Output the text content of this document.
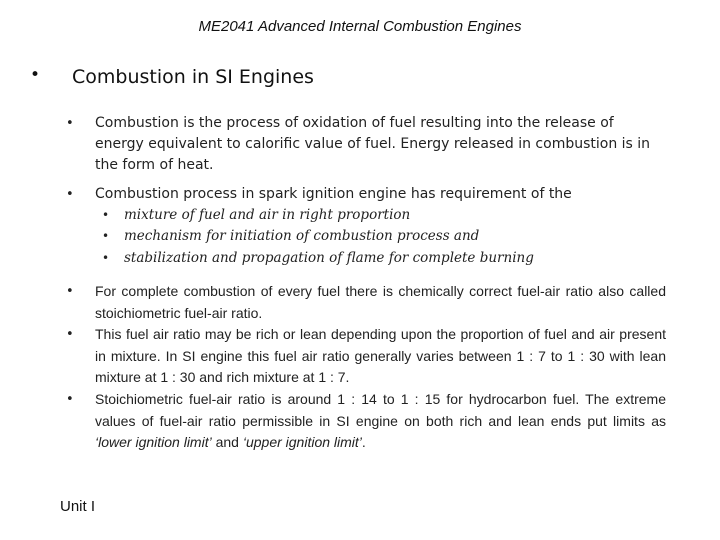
ME2041 Advanced Internal Combustion Engines
• Combustion in SI Engines
• Combustion is the process of oxidation of fuel resulting into the release of energy equivalent to calorific value of fuel. Energy released in combustion is in the form of heat.
• Combustion process in spark ignition engine has requirement of the
• mixture of fuel and air in right proportion
• mechanism for initiation of combustion process and
• stabilization and propagation of flame for complete burning
• For complete combustion of every fuel there is chemically correct fuel-air ratio also called stoichiometric fuel-air ratio.
• This fuel air ratio may be rich or lean depending upon the proportion of fuel and air present in mixture. In SI engine this fuel air ratio generally varies between 1 : 7 to 1 : 30 with lean mixture at 1 : 30 and rich mixture at 1 : 7.
• Stoichiometric fuel-air ratio is around 1 : 14 to 1 : 15 for hydrocarbon fuel. The extreme values of fuel-air ratio permissible in SI engine on both rich and lean ends put limits as ‘lower ignition limit’ and ‘upper ignition limit’.
Unit I
